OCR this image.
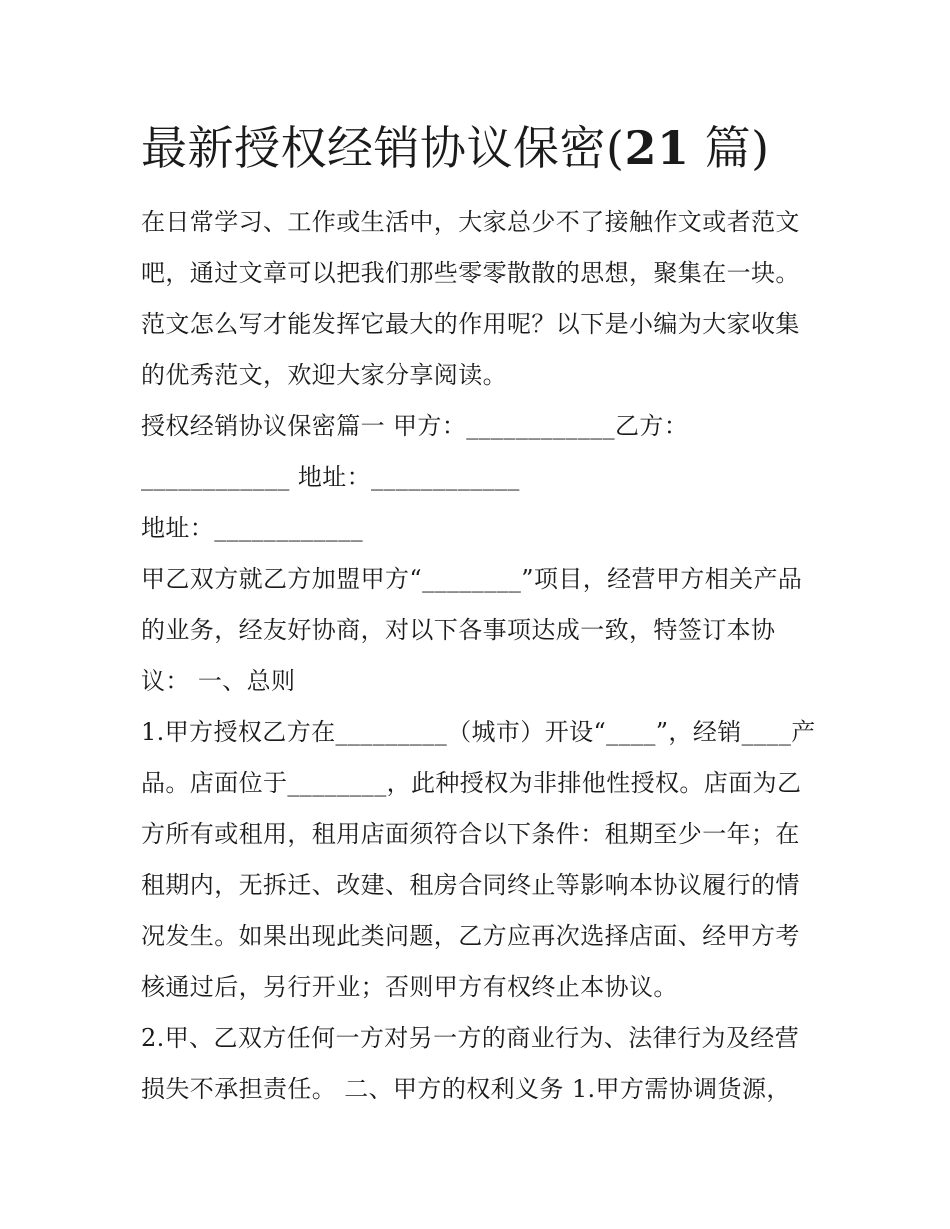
最新授权经销协议保密(21 篇)
在日常学习、工作或生活中，大家总少不了接触作文或者范文
吧，通过文章可以把我们那些零零散散的思想，聚集在一块。
范文怎么写才能发挥它最大的作用呢？以下是小编为大家收集
的优秀范文，欢迎大家分享阅读。
授权经销协议保密篇一 甲方：____________乙方：
____________ 地址：____________
地址：____________
甲乙双方就乙方加盟甲方“________”项目，经营甲方相关产品
的业务，经友好协商，对以下各事项达成一致，特签订本协
议： 一、总则
1.甲方授权乙方在_________（城市）开设“____”，经销____产
品。店面位于________，此种授权为非排他性授权。店面为乙
方所有或租用，租用店面须符合以下条件：租期至少一年；在
租期内，无拆迁、改建、租房合同终止等影响本协议履行的情
况发生。如果出现此类问题，乙方应再次选择店面、经甲方考
核通过后，另行开业；否则甲方有权终止本协议。
2.甲、乙双方任何一方对另一方的商业行为、法律行为及经营
损失不承担责任。 二、甲方的权利义务 1.甲方需协调货源，
